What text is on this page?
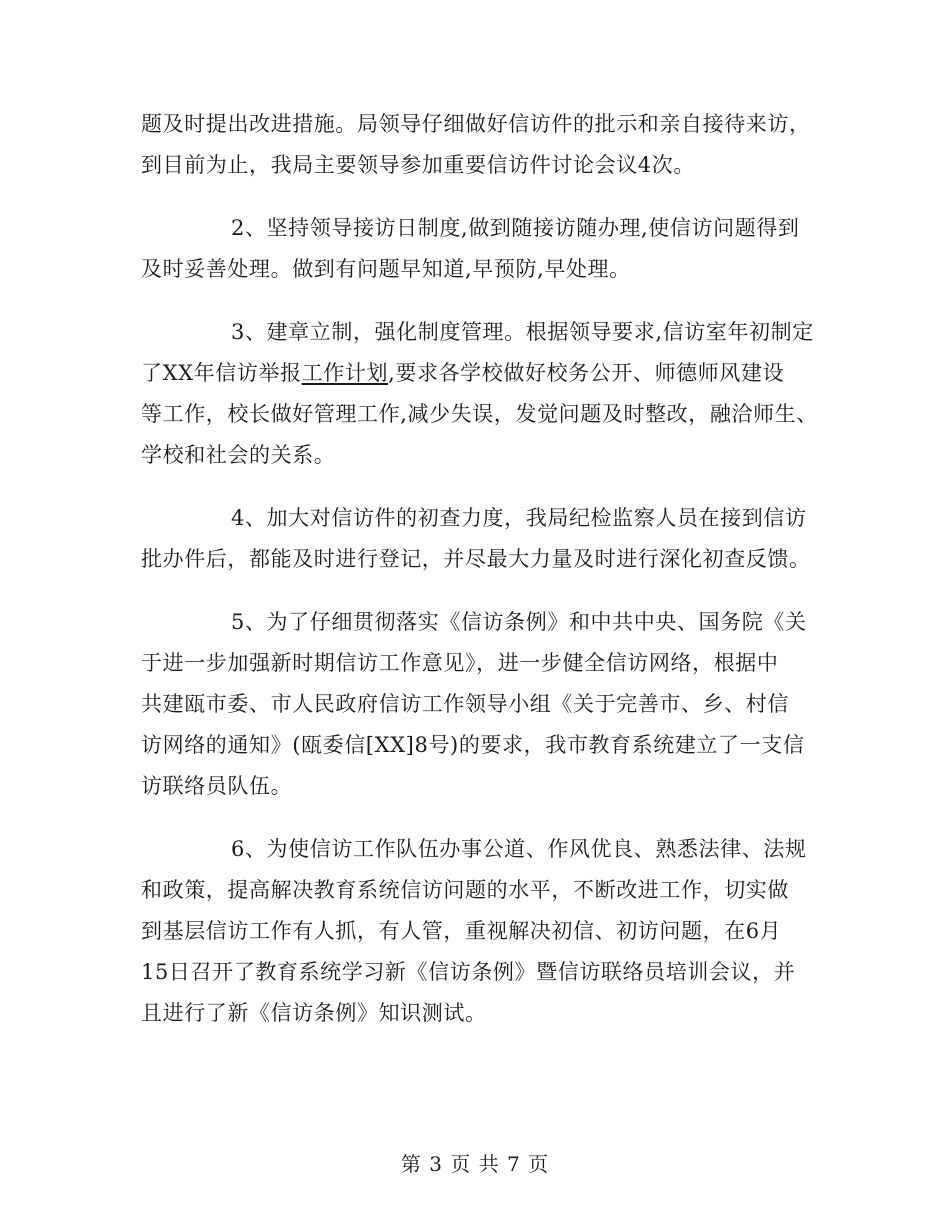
题及时提出改进措施。局领导仔细做好信访件的批示和亲自接待来访，
到目前为止，我局主要领导参加重要信访件讨论会议4次。

2、坚持领导接访日制度,做到随接访随办理,使信访问题得到
及时妥善处理。做到有问题早知道,早预防,早处理。

3、建章立制，强化制度管理。根据领导要求,信访室年初制定
了XX年信访举报工作计划,要求各学校做好校务公开、师德师风建设
等工作，校长做好管理工作,减少失误，发觉问题及时整改，融洽师生、
学校和社会的关系。

4、加大对信访件的初查力度，我局纪检监察人员在接到信访
批办件后，都能及时进行登记，并尽最大力量及时进行深化初查反馈。

5、为了仔细贯彻落实《信访条例》和中共中央、国务院《关
于进一步加强新时期信访工作意见》，进一步健全信访网络，根据中
共建瓯市委、市人民政府信访工作领导小组《关于完善市、乡、村信
访网络的通知》(瓯委信[XX]8号)的要求，我市教育系统建立了一支信
访联络员队伍。

6、为使信访工作队伍办事公道、作风优良、熟悉法律、法规
和政策，提高解决教育系统信访问题的水平，不断改进工作，切实做
到基层信访工作有人抓，有人管，重视解决初信、初访问题，在6月
15日召开了教育系统学习新《信访条例》暨信访联络员培训会议，并
且进行了新《信访条例》知识测试。

第 3 页 共 7 页
